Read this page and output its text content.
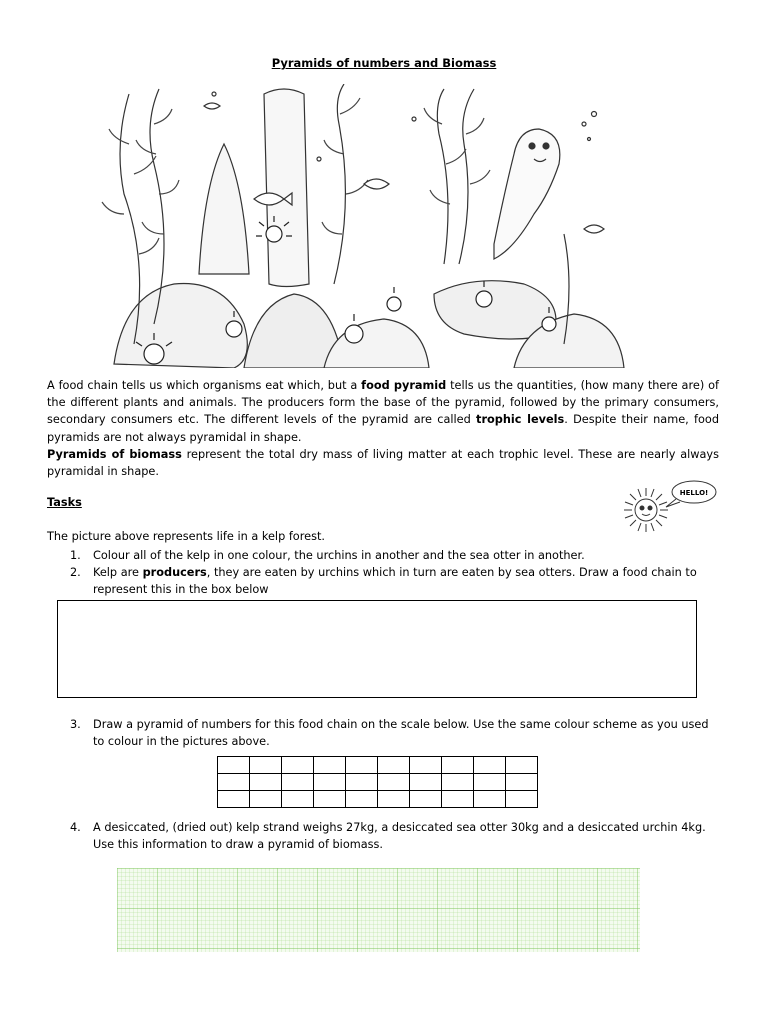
Pyramids of numbers and Biomass

A food chain tells us which organisms eat which, but a food pyramid tells us the quantities, (how many there are) of the different plants and animals. The producers form the base of the pyramid, followed by the primary consumers, secondary consumers etc. The different levels of the pyramid are called trophic levels. Despite their name, food pyramids are not always pyramidal in shape.

Pyramids of biomass represent the total dry mass of living matter at each trophic level. These are nearly always pyramidal in shape.

Tasks
HELLO!
The picture above represents life in a kelp forest.
1. Colour all of the kelp in one colour, the urchins in another and the sea otter in another.
2. Kelp are producers, they are eaten by urchins which in turn are eaten by sea otters. Draw a food chain to represent this in the box below
3. Draw a pyramid of numbers for this food chain on the scale below. Use the same colour scheme as you used to colour in the pictures above.

4. A desiccated, (dried out) kelp strand weighs 27kg, a desiccated sea otter 30kg and a desiccated urchin 4kg. Use this information to draw a pyramid of biomass.
